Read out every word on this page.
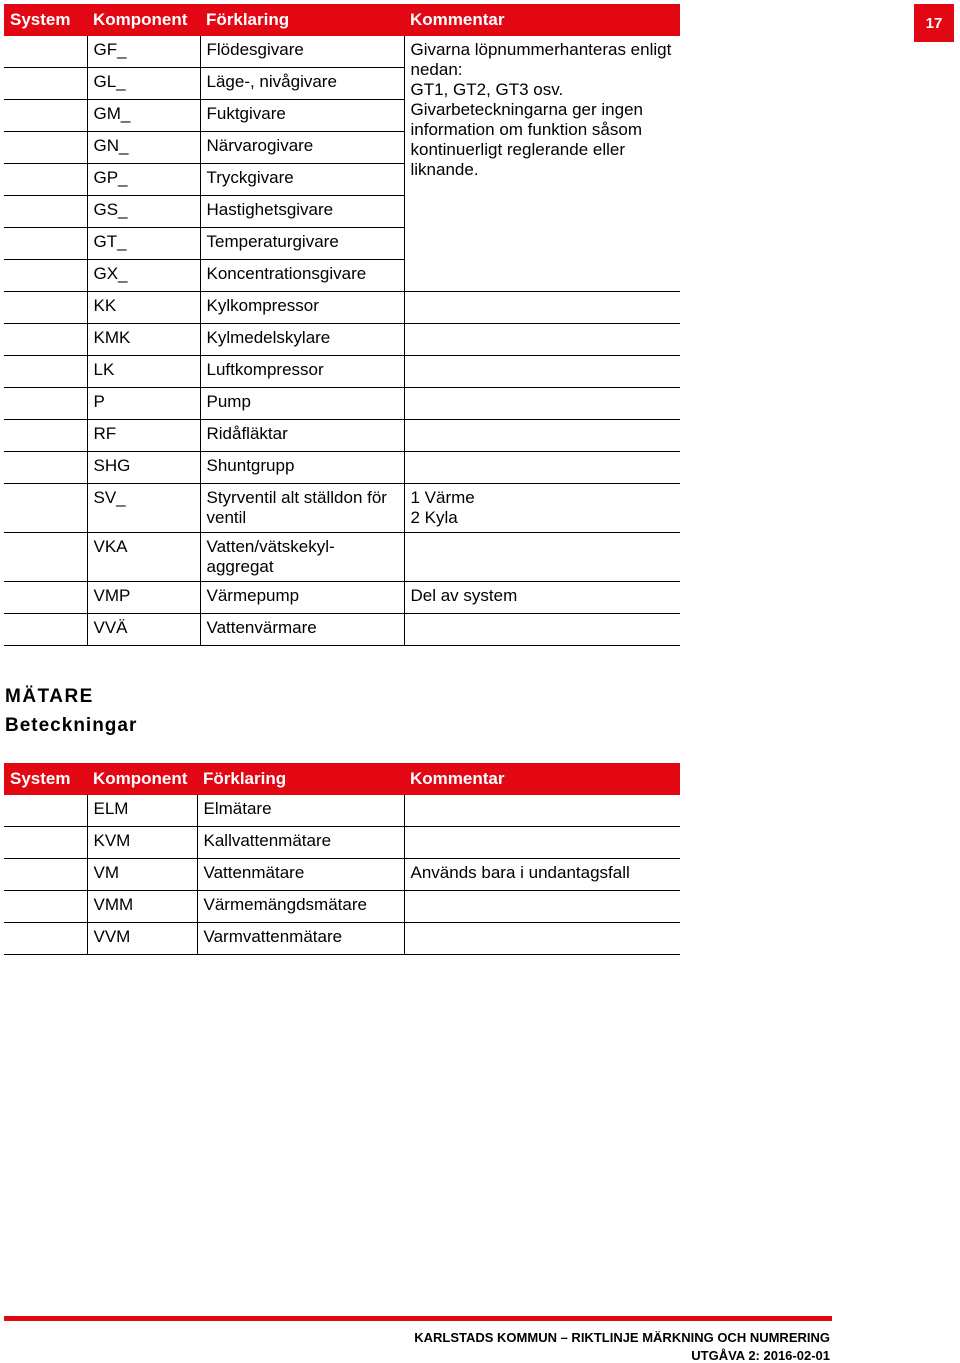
17
System	Komponent	Förklaring	Kommentar
	GF_	Flödesgivare	Givarna löpnummerhanteras enligt nedan:
GT1, GT2, GT3 osv.
Givarbeteckningarna ger ingen information om funktion såsom kontinuerligt reglerande eller liknande.
	GL_	Läge-, nivågivare	
	GM_	Fuktgivare	
	GN_	Närvarogivare	
	GP_	Tryckgivare	
	GS_	Hastighetsgivare	
	GT_	Temperaturgivare	
	GX_	Koncentrationsgivare	
	KK	Kylkompressor	
	KMK	Kylmedelskylare	
	LK	Luftkompressor	
	P	Pump	
	RF	Ridåfläktar	
	SHG	Shuntgrupp	
	SV_	Styrventil alt ställdon för ventil	1 Värme
2 Kyla
	VKA	Vatten/vätskekyl-
aggregat	
	VMP	Värmepump	Del av system
	VVÄ	Vattenvärmare	
MÄTARE
Beteckningar
System	Komponent	Förklaring	Kommentar
	ELM	Elmätare	
	KVM	Kallvattenmätare	
	VM	Vattenmätare	Används bara i undantagsfall
	VMM	Värmemängdsmätare	
	VVM	Varmvattenmätare	
KARLSTADS KOMMUN – RIKTLINJE MÄRKNING OCH NUMRERING
UTGÅVA 2: 2016-02-01
